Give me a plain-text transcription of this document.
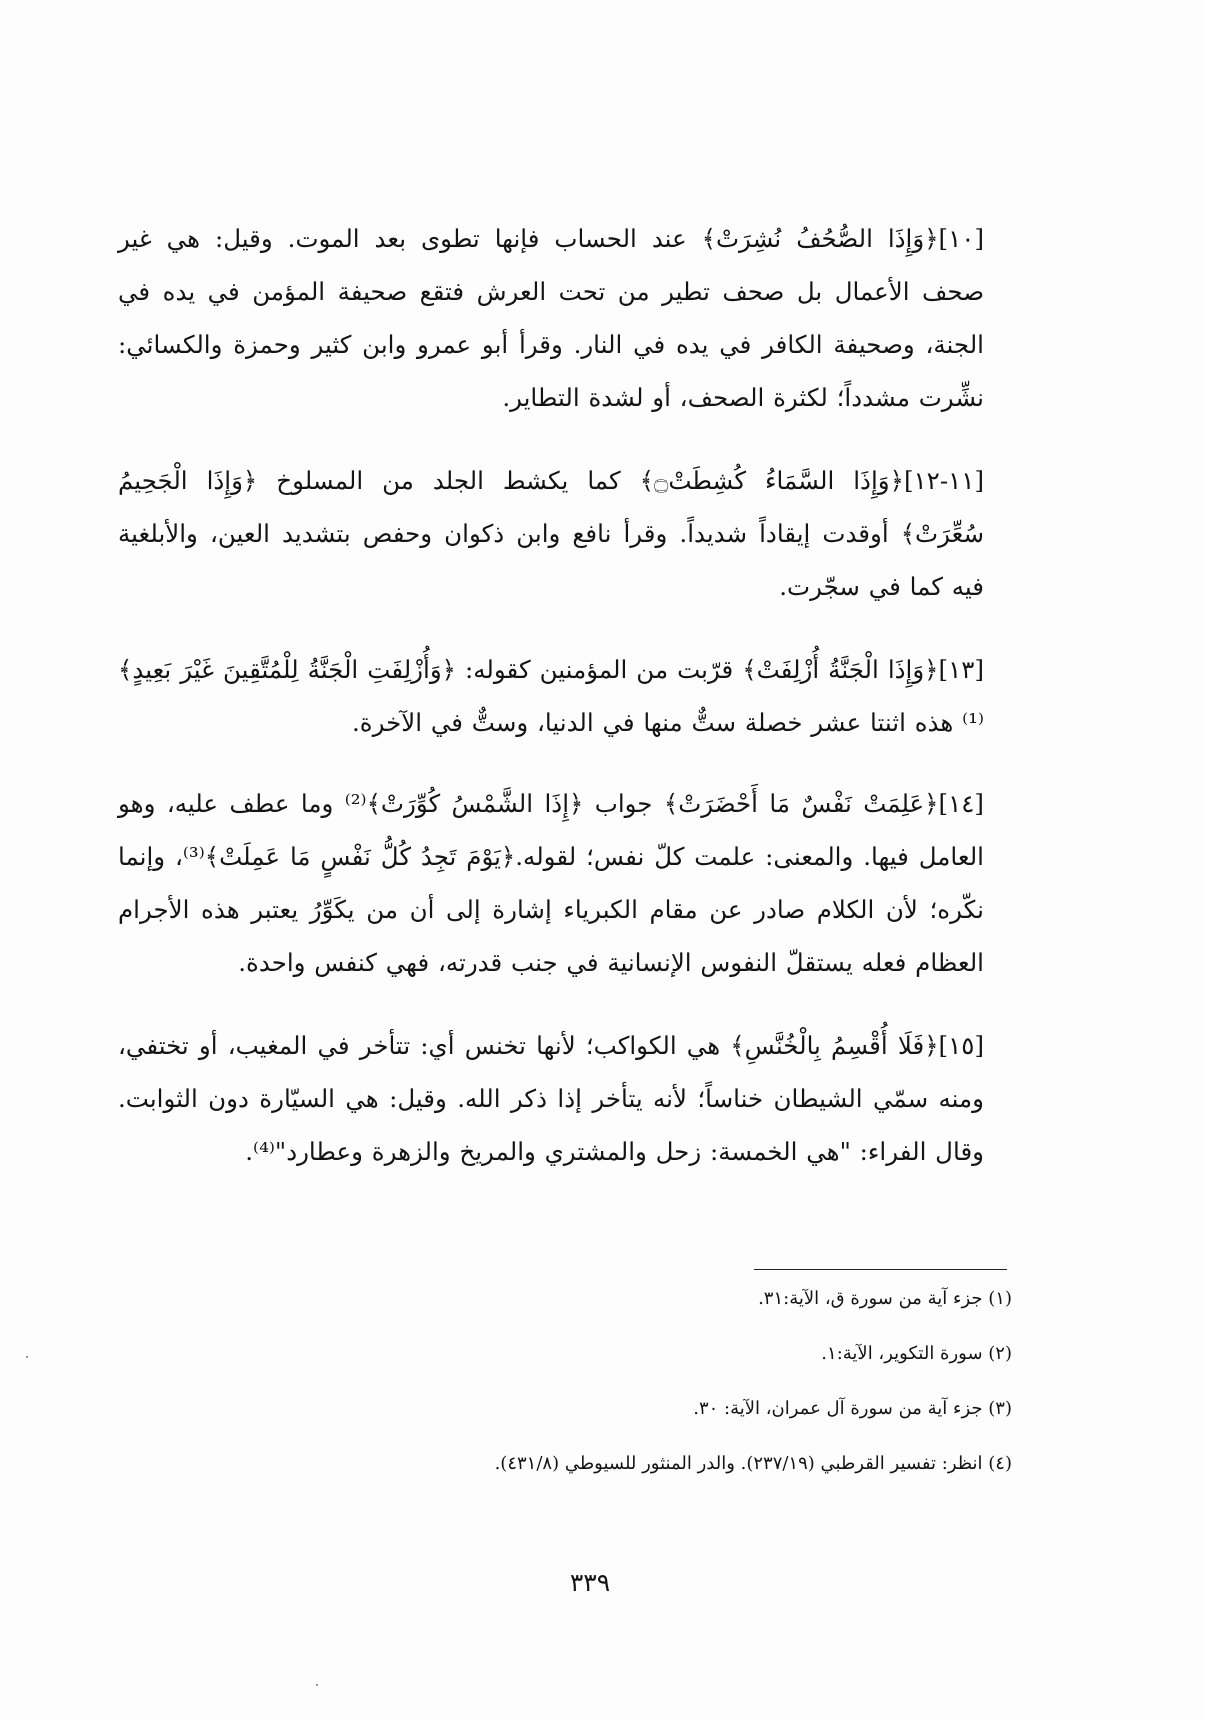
[١٠]﴿وَإِذَا الصُّحُفُ نُشِرَتْ﴾ عند الحساب فإنها تطوى بعد الموت. وقيل: هي غير صحف الأعمال بل صحف تطير من تحت العرش فتقع صحيفة المؤمن في يده في الجنة، وصحيفة الكافر في يده في النار. وقرأ أبو عمرو وابن كثير وحمزة والكسائي: نشِّرت مشدداً؛ لكثرة الصحف، أو لشدة التطاير.

[١١-١٢]﴿وَإِذَا السَّمَاءُ كُشِطَتْ۝﴾ كما يكشط الجلد من المسلوخ ﴿وَإِذَا الْجَحِيمُ سُعِّرَتْ﴾ أوقدت إيقاداً شديداً. وقرأ نافع وابن ذكوان وحفص بتشديد العين، والأبلغية فيه كما في سجّرت.

[١٣]﴿وَإِذَا الْجَنَّةُ أُزْلِفَتْ﴾ قرّبت من المؤمنين كقوله: ﴿وَأُزْلِفَتِ الْجَنَّةُ لِلْمُتَّقِينَ غَيْرَ بَعِيدٍ﴾⁽¹⁾ هذه اثنتا عشر خصلة ستٌّ منها في الدنيا، وستٌّ في الآخرة.

[١٤]﴿عَلِمَتْ نَفْسٌ مَا أَحْضَرَتْ﴾ جواب ﴿إِذَا الشَّمْسُ كُوِّرَتْ﴾⁽²⁾ وما عطف عليه، وهو العامل فيها. والمعنى: علمت كلّ نفس؛ لقوله.﴿يَوْمَ تَجِدُ كُلُّ نَفْسٍ مَا عَمِلَتْ﴾⁽³⁾، وإنما نكّره؛ لأن الكلام صادر عن مقام الكبرياء إشارة إلى أن من يكَوِّرُ يعتبر هذه الأجرام العظام فعله يستقلّ النفوس الإنسانية في جنب قدرته، فهي كنفس واحدة.

[١٥]﴿فَلَا أُقْسِمُ بِالْخُنَّسِ﴾ هي الكواكب؛ لأنها تخنس أي: تتأخر في المغيب، أو تختفي، ومنه سمّي الشيطان خناساً؛ لأنه يتأخر إذا ذكر الله. وقيل: هي السيّارة دون الثوابت. وقال الفراء: "هي الخمسة: زحل والمشتري والمريخ والزهرة وعطارد"⁽⁴⁾.

(١) جزء آية من سورة ق، الآية:٣١.
(٢) سورة التكوير، الآية:١.
(٣) جزء آية من سورة آل عمران، الآية: ٣٠.
(٤) انظر: تفسير القرطبي (٢٣٧/١٩). والدر المنثور للسيوطي (٤٣١/٨).
٣٣٩
